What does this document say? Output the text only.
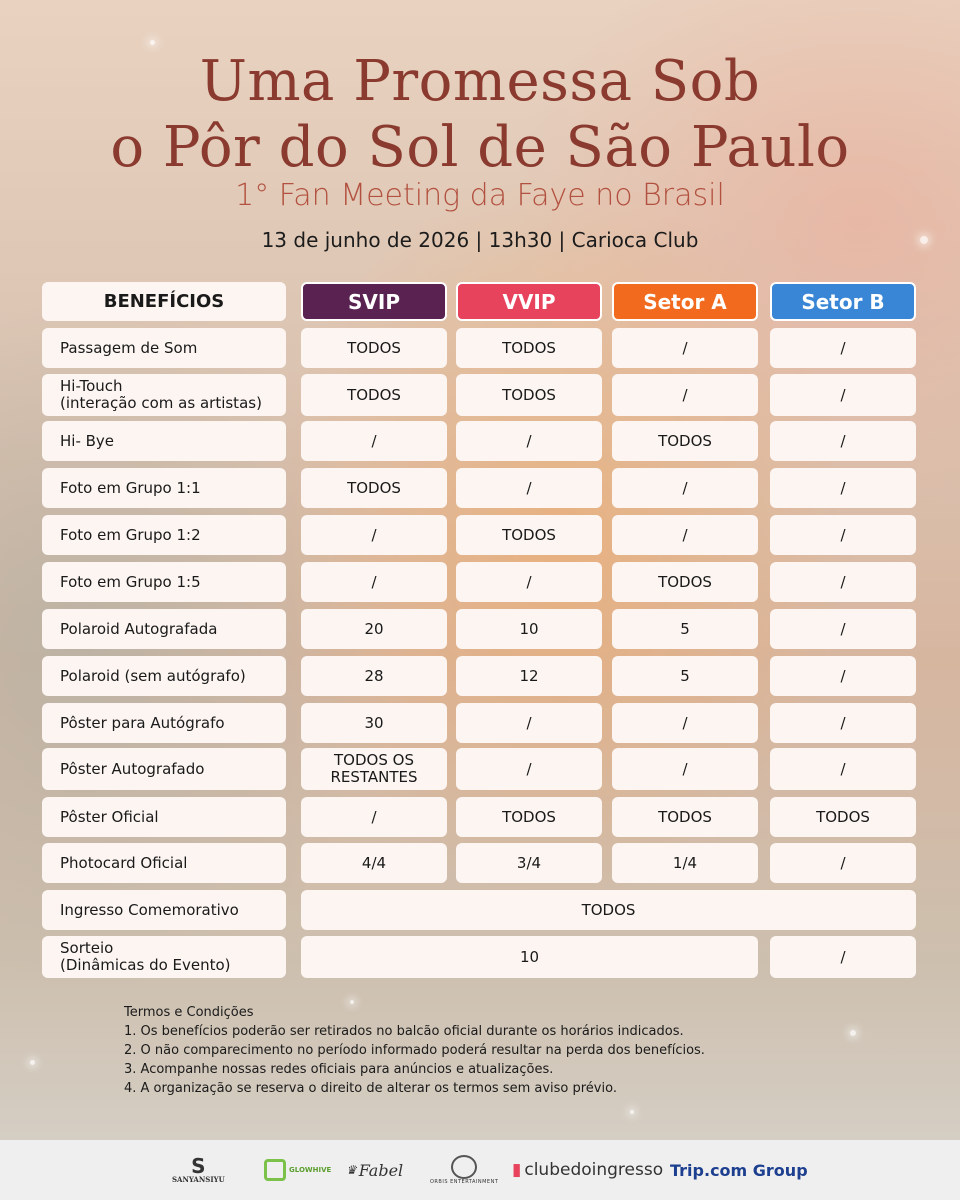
Uma Promessa Sob
o Pôr do Sol de São Paulo
1° Fan Meeting da Faye no Brasil
13 de junho de 2026 | 13h30 | Carioca Club
BENEFÍCIOS	SVIP	VVIP	Setor A	Setor B
Passagem de Som	TODOS	TODOS	/	/
Hi-Touch
(interação com as artistas)	TODOS	TODOS	/	/
Hi- Bye	/	/	TODOS	/
Foto em Grupo 1:1	TODOS	/	/	/
Foto em Grupo 1:2	/	TODOS	/	/
Foto em Grupo 1:5	/	/	TODOS	/
Polaroid Autografada	20	10	5	/
Polaroid (sem autógrafo)	28	12	5	/
Pôster para Autógrafo	30	/	/	/
Pôster Autografado	TODOS OS
RESTANTES	/	/	/
Pôster Oficial	/	TODOS	TODOS	TODOS
Photocard Oficial	4/4	3/4	1/4	/
Ingresso Comemorativo	TODOS
Sorteio
(Dinâmicas do Evento)	10	/
Termos e Condições
1. Os benefícios poderão ser retirados no balcão oficial durante os horários indicados.
2. O não comparecimento no período informado poderá resultar na perda dos benefícios.
3. Acompanhe nossas redes oficiais para anúncios e atualizações.
4. A organização se reserva o direito de alterar os termos sem aviso prévio.
S
SANYANSIYU
GLOWHIVE ♛ Fabel
ORBIS ENTERTAINMENT
▮ clubedoingresso Trip.com Group
